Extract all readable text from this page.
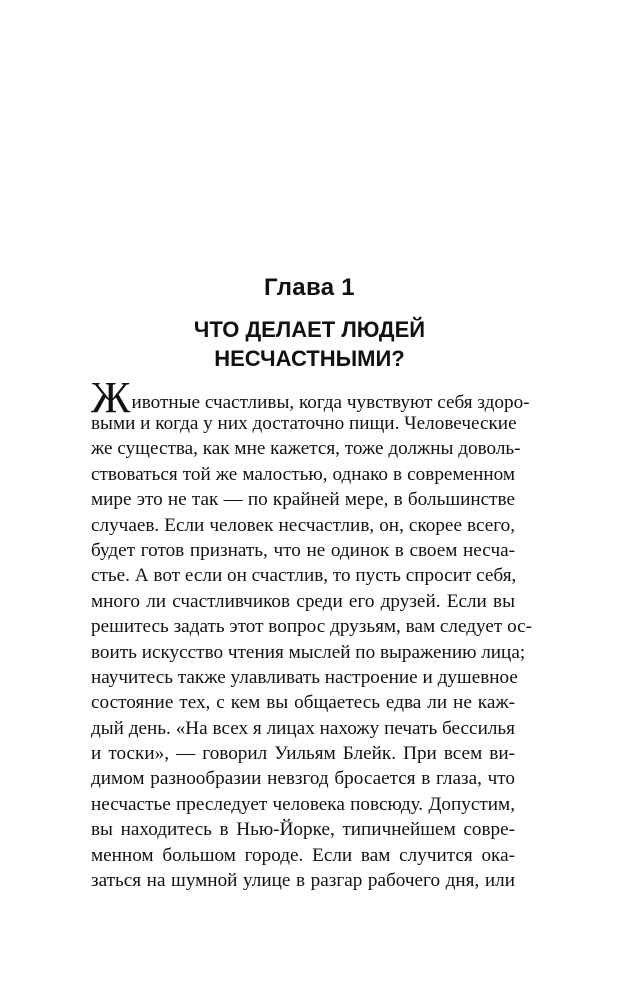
Глава 1
ЧТО ДЕЛАЕТ ЛЮДЕЙ
НЕСЧАСТНЫМИ?
Животные счастливы, когда чувствуют себя здоро-
выми и когда у них достаточно пищи. Человеческие
же существа, как мне кажется, тоже должны доволь-
ствоваться той же малостью, однако в современном
мире это не так — по крайней мере, в большинстве
случаев. Если человек несчастлив, он, скорее всего,
будет готов признать, что не одинок в своем несча-
стье. А вот если он счастлив, то пусть спросит себя,
много ли счастливчиков среди его друзей. Если вы
решитесь задать этот вопрос друзьям, вам следует ос-
воить искусство чтения мыслей по выражению лица;
научитесь также улавливать настроение и душевное
состояние тех, с кем вы общаетесь едва ли не каж-
дый день. «На всех я лицах нахожу печать бессилья
и тоски», — говорил Уильям Блейк. При всем ви-
димом разнообразии невзгод бросается в глаза, что
несчастье преследует человека повсюду. Допустим,
вы находитесь в Нью-Йорке, типичнейшем совре-
менном большом городе. Если вам случится ока-
заться на шумной улице в разгар рабочего дня, или
